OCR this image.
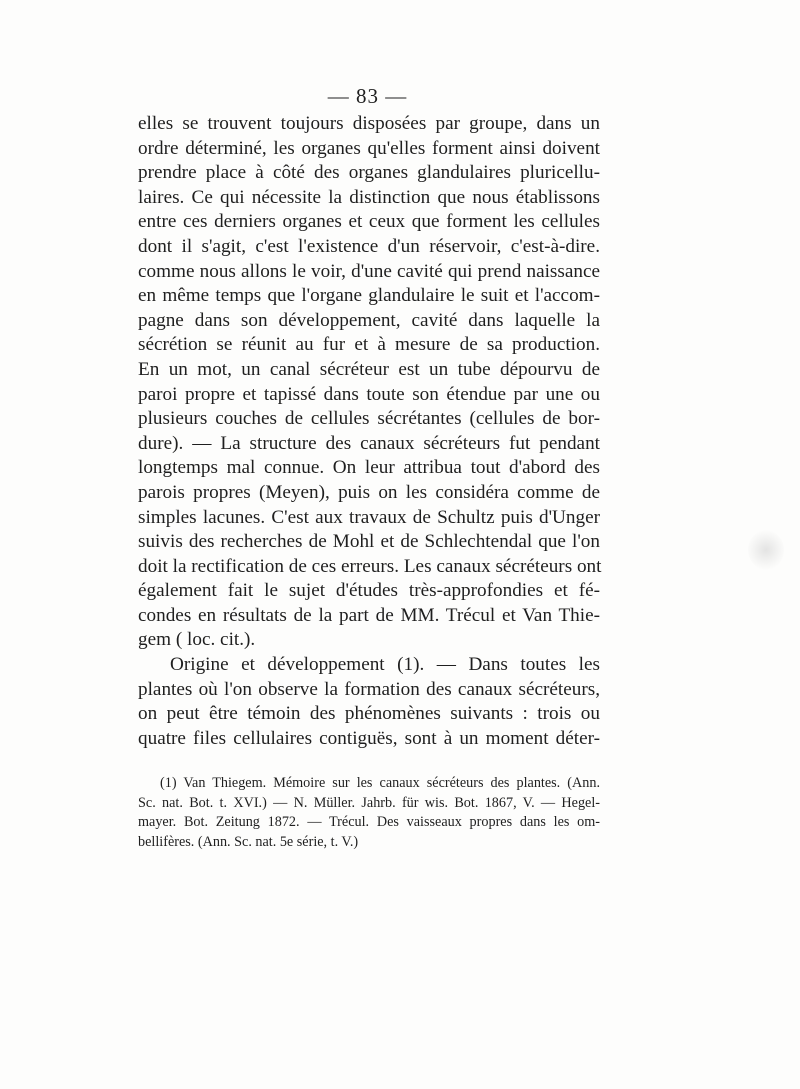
— 83 —
elles se trouvent toujours disposées par groupe, dans un
ordre déterminé, les organes qu'elles forment ainsi doivent
prendre place à côté des organes glandulaires pluricellu-
laires. Ce qui nécessite la distinction que nous établissons
entre ces derniers organes et ceux que forment les cellules
dont il s'agit, c'est l'existence d'un réservoir, c'est-à-dire.
comme nous allons le voir, d'une cavité qui prend naissance
en même temps que l'organe glandulaire le suit et l'accom-
pagne dans son développement, cavité dans laquelle la
sécrétion se réunit au fur et à mesure de sa production.
En un mot, un canal sécréteur est un tube dépourvu de
paroi propre et tapissé dans toute son étendue par une ou
plusieurs couches de cellules sécrétantes (cellules de bor-
dure). — La structure des canaux sécréteurs fut pendant
longtemps mal connue. On leur attribua tout d'abord des
parois propres (Meyen), puis on les considéra comme de
simples lacunes. C'est aux travaux de Schultz puis d'Unger
suivis des recherches de Mohl et de Schlechtendal que l'on
doit la rectification de ces erreurs. Les canaux sécréteurs ont
également fait le sujet d'études très-approfondies et fé-
condes en résultats de la part de MM. Trécul et Van Thie-
gem ( loc. cit.).
Origine et développement (1). — Dans toutes les
plantes où l'on observe la formation des canaux sécréteurs,
on peut être témoin des phénomènes suivants : trois ou
quatre files cellulaires contiguës, sont à un moment déter-
(1) Van Thiegem. Mémoire sur les canaux sécréteurs des plantes. (Ann.
Sc. nat. Bot. t. XVI.) — N. Müller. Jahrb. für wis. Bot. 1867, V. — Hegel-
mayer. Bot. Zeitung 1872. — Trécul. Des vaisseaux propres dans les om-
bellifères. (Ann. Sc. nat. 5e série, t. V.)
